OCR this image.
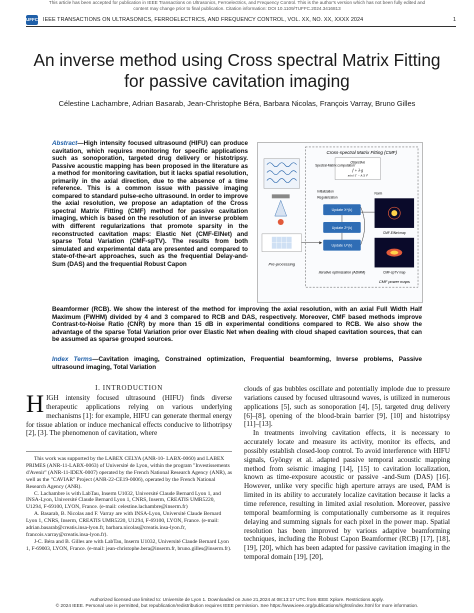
This article has been accepted for publication in IEEE Transactions on Ultrasonics, Ferroelectrics, and Frequency Control. This is the author's version which has not been fully edited and
content may change prior to final publication. Citation information: DOI 10.1109/TUFFC.2024.3416813
UFFC IEEE TRANSACTIONS ON ULTRASONICS, FERROELECTRICS, AND FREQUENCY CONTROL, VOL. XX, NO. XX, XXXX 2024	1
An inverse method using Cross spectral Matrix Fitting for passive cavitation imaging
Célestine Lachambre, Adrian Basarab, Jean-Christophe Béra, Barbara Nicolas, François Varray, Bruno Gilles
Abstract—High intensity focused ultrasound (HIFU) can produce cavitation, which requires monitoring for specific applications such as sonoporation, targeted drug delivery or histotripsy. Passive acoustic mapping has been proposed in the literature as a method for monitoring cavitation, but it lacks spatial resolution, primarily in the axial direction, due to the absence of a time reference. This is a common issue with passive imaging compared to standard pulse-echo ultrasound. In order to improve the axial resolution, we propose an adaptation of the Cross spectral Matrix Fitting (CMF) method for passive cavitation imaging, which is based on the resolution of an inverse problem with different regularizations that promote sparsity in the reconstructed cavitation maps: Elastic Net (CMF-ElNet) and sparse Total Variation (CMF-spTV). The results from both simulated and experimental data are presented and compared to state-of-the-art approaches, such as the frequential Delay-and-Sum (DAS) and the frequential Robust Capon
Cross-spectral Matrix Fitting (CMF)
Objective
f + λ·g
min ‖ Γ − A X ‖²
Spectral-Matrix computation
Pre-processing
Initialization
Regularization
Update X^(k)
Update Z^(k)
Update U^(k)
Iterative optimization (ADMM)
Norm
CMF-ElNet map
CMF-spTV map
CMF power maps
Beamformer (RCB). We show the interest of the method for improving the axial resolution, with an axial Full Width Half Maximum (FWHM) divided by 4 and 3 compared to RCB and DAS, respectively. Moreover, CMF based methods improve Contrast-to-Noise Ratio (CNR) by more than 15 dB in experimental conditions compared to RCB. We also show the advantage of the sparse Total Variation prior over Elastic Net when dealing with cloud shaped cavitation sources, that can be assumed as sparse grouped sources.
Index Terms—Cavitation imaging, Constrained optimization, Frequential beamforming, Inverse problems, Passive ultrasound imaging, Total Variation
I. INTRODUCTION
HIGH intensity focused ultrasound (HIFU) finds diverse therapeutic applications relying on various underlying mechanisms [1]: for example, HIFU can generate thermal energy for tissue ablation or induce mechanical effects conducive to lithotripsy [2], [3]. The phenomenon of cavitation, where

This work was supported by the LABEX CELYA (ANR-10- LABX-0060) and LABEX PRIMES (ANR-11-LABX-0063) of Université de Lyon, within the program "Investissements d'Avenir" (ANR-11-IDEX-0007) operated by the French National Research Agency (ANR), as well as the "CAVIAR" Project (ANR-22-CE19-0006), operated by the French National Research Agency (ANR).

C. Lachambre is with LabTau, Inserm U1032, Université Claude Bernard Lyon 1, and INSA-Lyon, Université Claude Bernard Lyon 1, CNRS, Inserm, CREATIS UMR5220, U1294, F-69100, LYON, France. (e-mail: celestine.lachambre@inserm.fr)

A. Basarab, B. Nicolas and F. Varray are with INSA-Lyon, Université Claude Bernard Lyon 1, CNRS, Inserm, CREATIS UMR5220, U1294, F-69100, LYON, France. (e-mail: adrian.basarab@creatis.insa-lyon.fr, barbara.nicolas@creatis.insa-lyon.fr, francois.varray@creatis.insa-lyon.fr).

J-C. Béra and B. Gilles are with LabTau, Inserm U1032, Université Claude Bernard Lyon 1, F-69003, LYON, France. (e-mail: jean-christophe.bera@inserm.fr, bruno.gilles@inserm.fr).

clouds of gas bubbles oscillate and potentially implode due to pressure variations caused by focused ultrasound waves, is utilized in numerous applications [5], such as sonoporation [4], [5], targeted drug delivery [6]–[8], opening of the blood-brain barrier [9], [10] and histotripsy [11]–[13].

In treatments involving cavitation effects, it is necessary to accurately locate and measure its activity, monitor its effects, and possibly establish closed-loop control. To avoid interference with HIFU signals, Gyöngy et al. adapted passive temporal acoustic mapping method from seismic imaging [14], [15] to cavitation localization, known as time-exposure acoustic or passive -and-Sum (DAS) [16]. However, unlike very specific high aperture arrays are used, PAM is limited in its ability to accurately localize cavitation because it lacks a time reference, resulting in limited axial resolution. Moreover, passive temporal beamforming is computationally cumbersome as it requires delaying and summing signals for each pixel in the power map. Spatial resolution has been improved by various adaptive beamforming techniques, including the Robust Capon Beamformer (RCB) [17], [18], [19], [20], which has been adapted for passive cavitation imaging in the temporal domain [19], [20],

Authorized licensed use limited to: Universite de Lyon 1. Downloaded on June 21,2024 at 08:13:17 UTC from IEEE Xplore. Restrictions apply.
© 2024 IEEE. Personal use is permitted, but republication/redistribution requires IEEE permission. See https://www.ieee.org/publications/rights/index.html for more information.
